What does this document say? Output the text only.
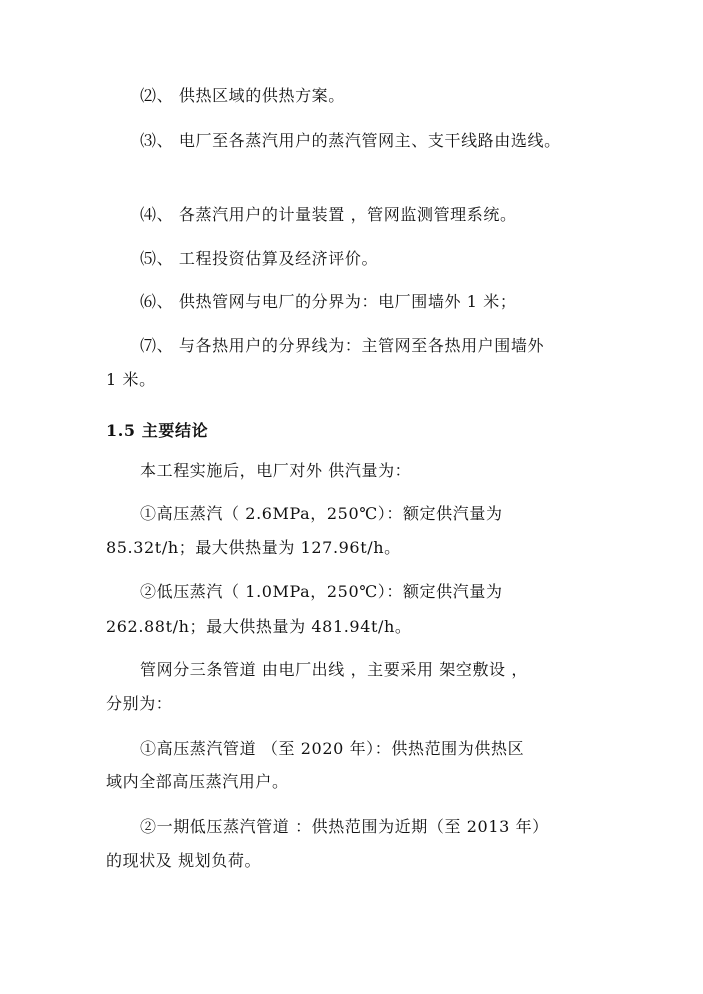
⑵、 供热区域的供热方案。
⑶、 电厂至各蒸汽用户的蒸汽管网主、支干线路由选线。
⑷、 各蒸汽用户的计量装置 ，管网监测管理系统。
⑸、 工程投资估算及经济评价。
⑹、 供热管网与电厂的分界为：电厂围墙外 1 米；
⑺、 与各热用户的分界线为：主管网至各热用户围墙外
1 米。
1.5 主要结论
本工程实施后，电厂对外 供汽量为：
①高压蒸汽（ 2.6MPa，250℃）：额定供汽量为
85.32t/h；最大供热量为 127.96t/h。
②低压蒸汽（ 1.0MPa，250℃）：额定供汽量为
262.88t/h；最大供热量为 481.94t/h。
管网分三条管道 由电厂出线 ，主要采用 架空敷设 ，
分别为：
①高压蒸汽管道 （至 2020 年）：供热范围为供热区
域内全部高压蒸汽用户。
②一期低压蒸汽管道 ：供热范围为近期（至 2013 年）
的现状及 规划负荷。
